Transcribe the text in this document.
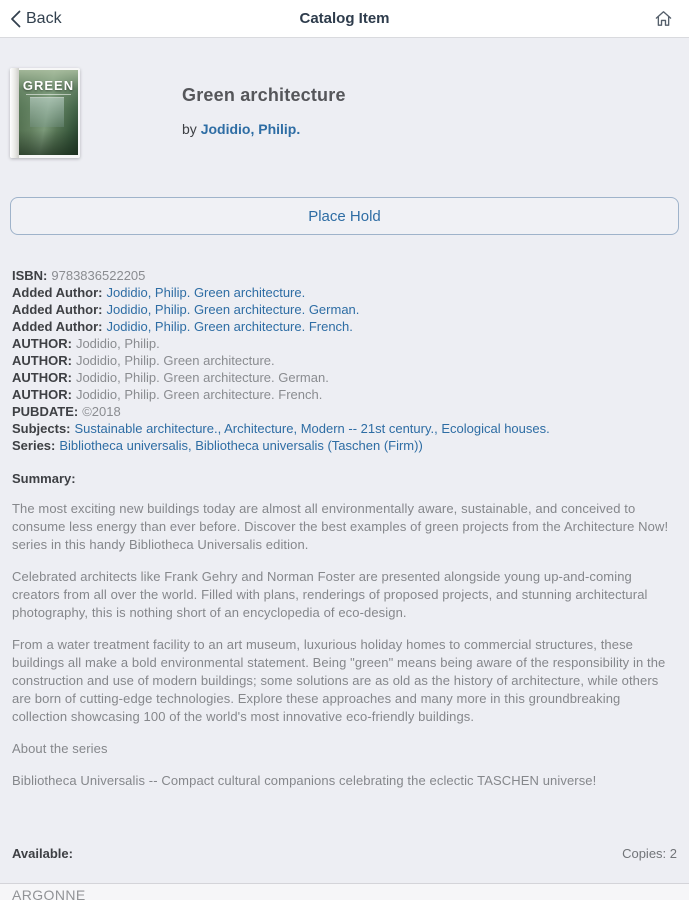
Back	Catalog Item
GREEN	Green architecture
by Jodidio, Philip.
Place Hold
ISBN: 9783836522205
Added Author: Jodidio, Philip. Green architecture.
Added Author: Jodidio, Philip. Green architecture. German.
Added Author: Jodidio, Philip. Green architecture. French.
AUTHOR: Jodidio, Philip.
AUTHOR: Jodidio, Philip. Green architecture.
AUTHOR: Jodidio, Philip. Green architecture. German.
AUTHOR: Jodidio, Philip. Green architecture. French.
PUBDATE: ©2018
Subjects: Sustainable architecture., Architecture, Modern -- 21st century., Ecological houses.
Series: Bibliotheca universalis, Bibliotheca universalis (Taschen (Firm))
Summary:

The most exciting new buildings today are almost all environmentally aware, sustainable, and conceived to consume less energy than ever before. Discover the best examples of green projects from the Architecture Now! series in this handy Bibliotheca Universalis edition.

Celebrated architects like Frank Gehry and Norman Foster are presented alongside young up-and-coming creators from all over the world. Filled with plans, renderings of proposed projects, and stunning architectural photography, this is nothing short of an encyclopedia of eco-design.

From a water treatment facility to an art museum, luxurious holiday homes to commercial structures, these buildings all make a bold environmental statement. Being "green" means being aware of the responsibility in the construction and use of modern buildings; some solutions are as old as the history of architecture, while others are born of cutting-edge technologies. Explore these approaches and many more in this groundbreaking collection showcasing 100 of the world's most innovative eco-friendly buildings.

About the series

Bibliotheca Universalis -- Compact cultural companions celebrating the eclectic TASCHEN universe!

Available:	Copies: 2
ARGONNE
